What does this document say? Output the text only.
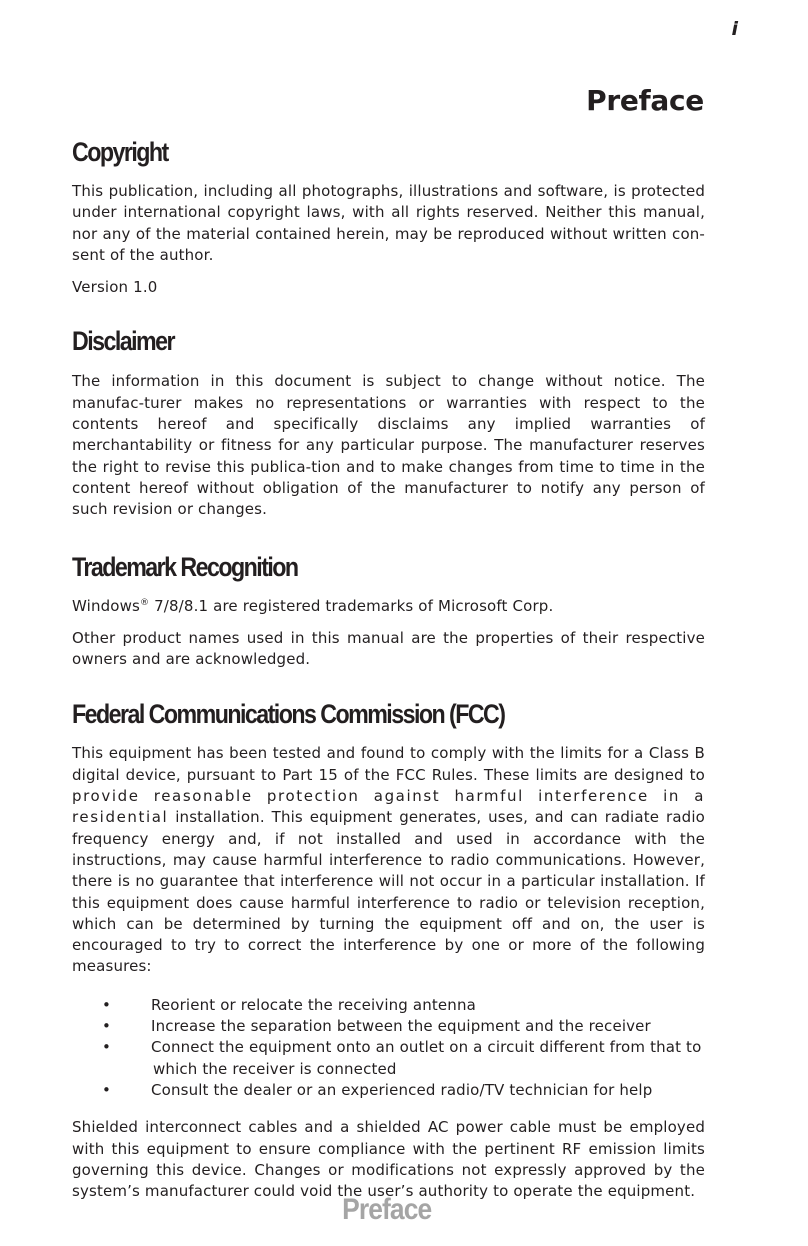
i
Preface
Copyright

This publication, including all photographs, illustrations and software, is protected under international copyright laws, with all rights reserved. Neither this manual, nor any of the material contained herein, may be reproduced without written con-sent of the author.

Version 1.0

Disclaimer

The information in this document is subject to change without notice. The manufac-turer makes no representations or warranties with respect to the contents hereof and specifically disclaims any implied warranties of merchantability or fitness for any particular purpose. The manufacturer reserves the right to revise this publica-tion and to make changes from time to time in the content hereof without obligation of the manufacturer to notify any person of such revision or changes.

Trademark Recognition

Windows® 7/8/8.1 are registered trademarks of Microsoft Corp.

Other product names used in this manual are the properties of their respective owners and are acknowledged.

Federal Communications Commission (FCC)

This equipment has been tested and found to comply with the limits for a Class B digital device, pursuant to Part 15 of the FCC Rules. These limits are designed to provide reasonable protection against harmful interference in a residential installation. This equipment generates, uses, and can radiate radio frequency energy and, if not installed and used in accordance with the instructions, may cause harmful interference to radio communications. However, there is no guarantee that interference will not occur in a particular installation. If this equipment does cause harmful interference to radio or television reception, which can be determined by turning the equipment off and on, the user is encouraged to try to correct the interference by one or more of the following measures:

•	Reorient or relocate the receiving antenna
•	Increase the separation between the equipment and the receiver
•	Connect the equipment onto an outlet on a circuit different from that to
which the receiver is connected
•	Consult the dealer or an experienced radio/TV technician for help

Shielded interconnect cables and a shielded AC power cable must be employed with this equipment to ensure compliance with the pertinent RF emission limits governing this device. Changes or modifications not expressly approved by the system’s manufacturer could void the user’s authority to operate the equipment.

Preface
